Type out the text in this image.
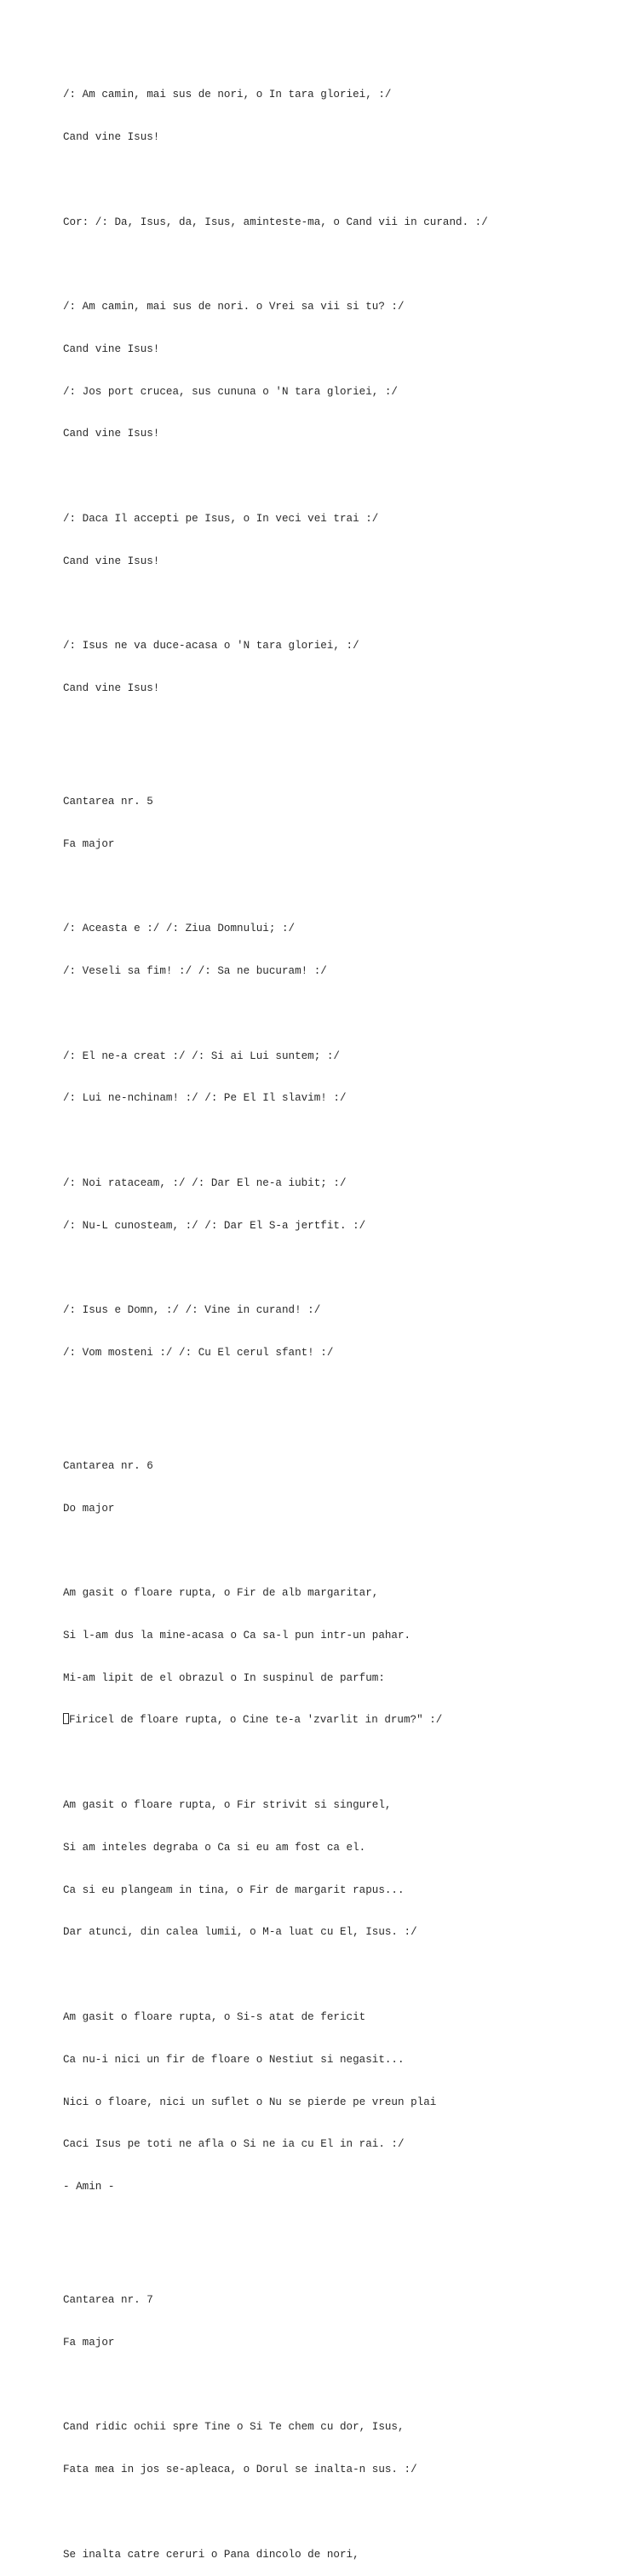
/: Am camin, mai sus de nori, o In tara gloriei, :/

Cand vine Isus!

Cor: /: Da, Isus, da, Isus, aminteste-ma, o Cand vii in curand. :/

/: Am camin, mai sus de nori. o Vrei sa vii si tu? :/

Cand vine Isus!

/: Jos port crucea, sus cununa o 'N tara gloriei, :/

Cand vine Isus!

/: Daca Il accepti pe Isus, o In veci vei trai :/

Cand vine Isus!

/: Isus ne va duce-acasa o 'N tara gloriei, :/

Cand vine Isus!

Cantarea nr. 5

Fa major

/: Aceasta e :/ /: Ziua Domnului; :/

/: Veseli sa fim! :/ /: Sa ne bucuram! :/

/: El ne-a creat :/ /: Si ai Lui suntem; :/

/: Lui ne-nchinam! :/ /: Pe El Il slavim! :/

/: Noi rataceam, :/ /: Dar El ne-a iubit; :/

/: Nu-L cunosteam, :/ /: Dar El S-a jertfit. :/

/: Isus e Domn, :/ /: Vine in curand! :/

/: Vom mosteni :/ /: Cu El cerul sfant! :/

Cantarea nr. 6

Do major

Am gasit o floare rupta, o Fir de alb margaritar,

Si l-am dus la mine-acasa o Ca sa-l pun intr-un pahar.

Mi-am lipit de el obrazul o In suspinul de parfum:

Firicel de floare rupta, o Cine te-a 'zvarlit in drum?" :/

Am gasit o floare rupta, o Fir strivit si singurel,

Si am inteles degraba o Ca si eu am fost ca el.

Ca si eu plangeam in tina, o Fir de margarit rapus...

Dar atunci, din calea lumii, o M-a luat cu El, Isus. :/

Am gasit o floare rupta, o Si-s atat de fericit

Ca nu-i nici un fir de floare o Nestiut si negasit...

Nici o floare, nici un suflet o Nu se pierde pe vreun plai

Caci Isus pe toti ne afla o Si ne ia cu El in rai. :/

- Amin -

Cantarea nr. 7

Fa major

Cand ridic ochii spre Tine o Si Te chem cu dor, Isus,

Fata mea in jos se-apleaca, o Dorul se inalta-n sus. :/

Se inalta catre ceruri o Pana dincolo de nori,
